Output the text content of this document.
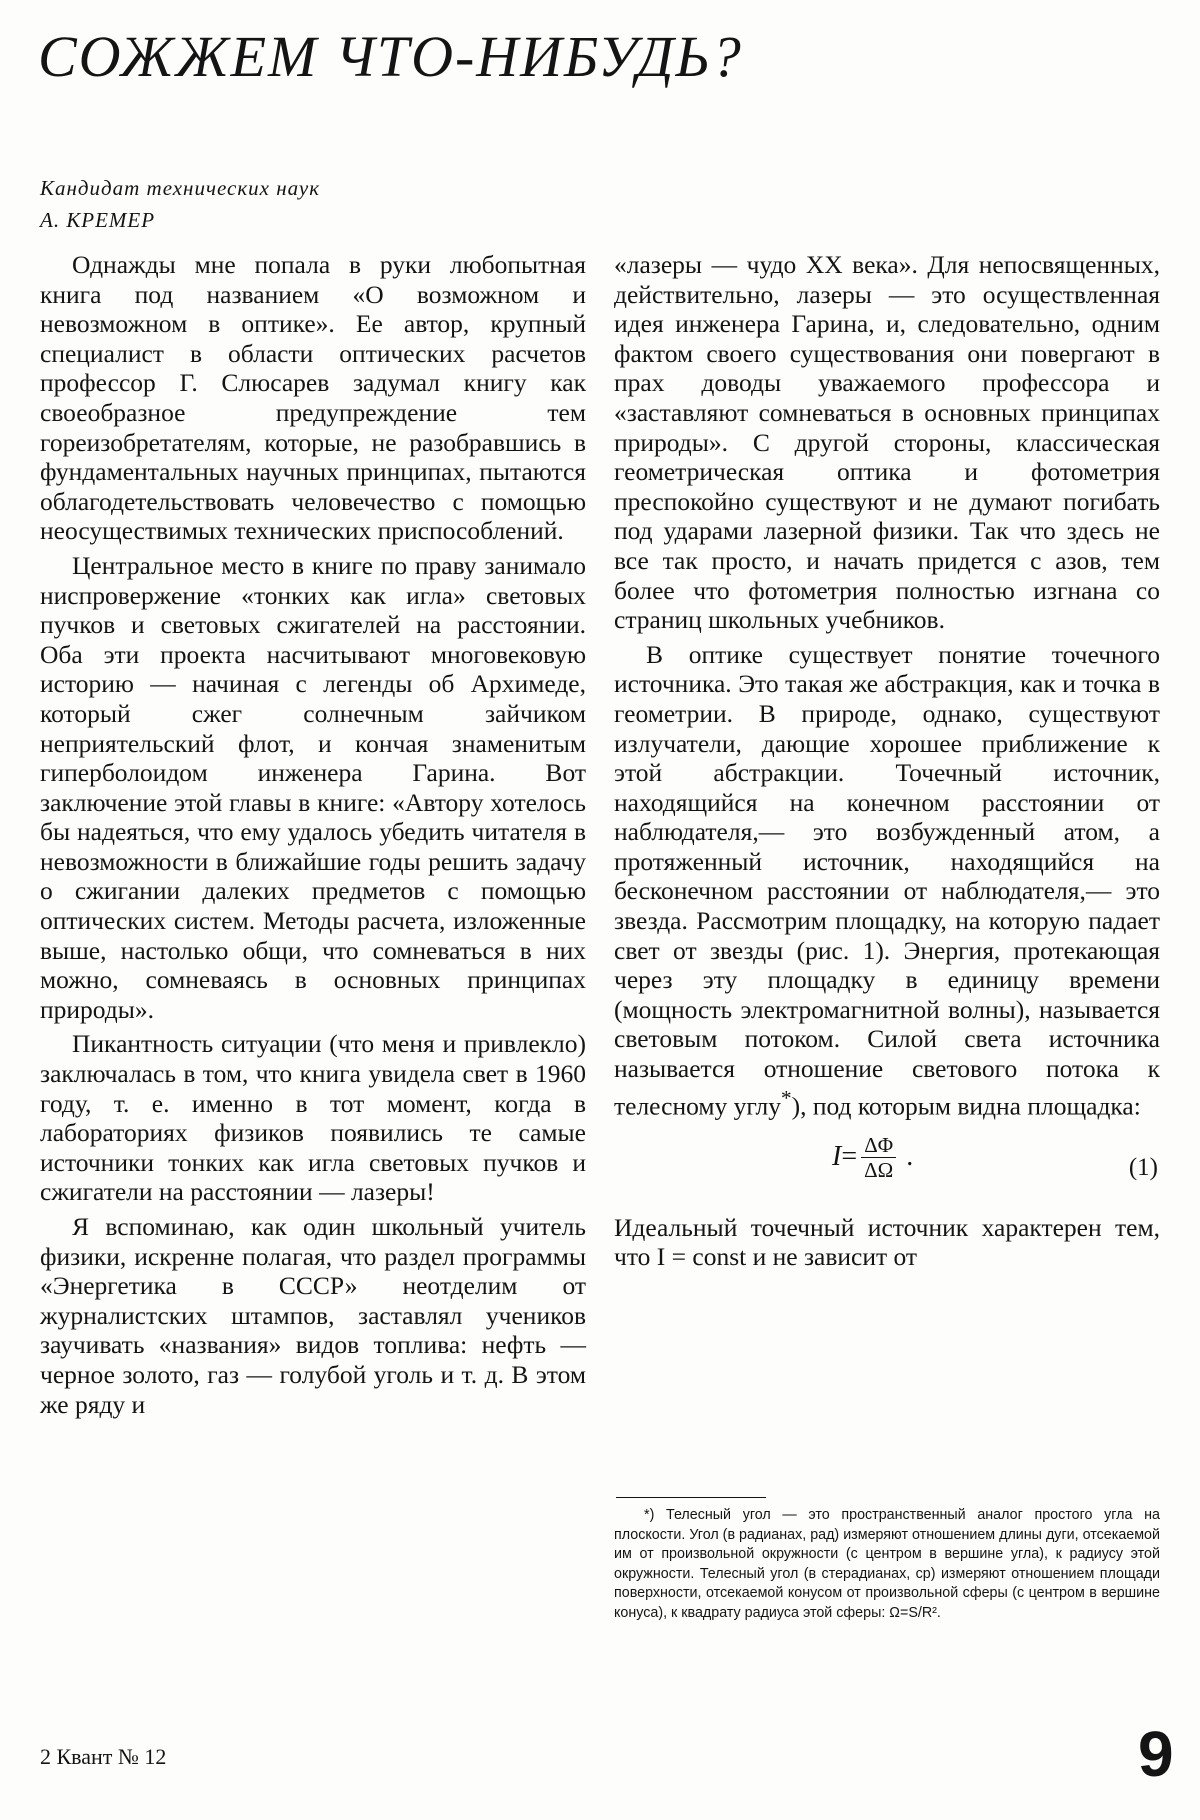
СОЖЖЕМ ЧТО-НИБУДЬ?
Кандидат технических наук
А. КРЕМЕР

Однажды мне попала в руки любопытная книга под названием «О возможном и невозможном в оптике». Ее автор, крупный специалист в области оптических расчетов профессор Г. Слюсарев задумал книгу как своеобразное предупреждение тем гореизобретателям, которые, не разобравшись в фундаментальных научных принципах, пытаются облагодетельствовать человечество с помощью неосуществимых технических приспособлений.

Центральное место в книге по праву занимало ниспровержение «тонких как игла» световых пучков и световых сжигателей на расстоянии. Оба эти проекта насчитывают многовековую историю — начиная с легенды об Архимеде, который сжег солнечным зайчиком неприятельский флот, и кончая знаменитым гиперболоидом инженера Гарина. Вот заключение этой главы в книге: «Автору хотелось бы надеяться, что ему удалось убедить читателя в невозможности в ближайшие годы решить задачу о сжигании далеких предметов с помощью оптических систем. Методы расчета, изложенные выше, настолько общи, что сомневаться в них можно, сомневаясь в основных принципах природы».

Пикантность ситуации (что меня и привлекло) заключалась в том, что книга увидела свет в 1960 году, т. е. именно в тот момент, когда в лабораториях физиков появились те самые источники тонких как игла световых пучков и сжигатели на расстоянии — лазеры!

Я вспоминаю, как один школьный учитель физики, искренне полагая, что раздел программы «Энергетика в СССР» неотделим от журналистских штампов, заставлял учеников заучивать «названия» видов топлива: нефть — черное золото, газ — голубой уголь и т. д. В этом же ряду и

«лазеры — чудо XX века». Для непосвященных, действительно, лазеры — это осуществленная идея инженера Гарина, и, следовательно, одним фактом своего существования они повергают в прах доводы уважаемого профессора и «заставляют сомневаться в основных принципах природы». С другой стороны, классическая геометрическая оптика и фотометрия преспокойно существуют и не думают погибать под ударами лазерной физики. Так что здесь не все так просто, и начать придется с азов, тем более что фотометрия полностью изгнана со страниц школьных учебников.

В оптике существует понятие точечного источника. Это такая же абстракция, как и точка в геометрии. В природе, однако, существуют излучатели, дающие хорошее приближение к этой абстракции. Точечный источник, находящийся на конечном расстоянии от наблюдателя,— это возбужденный атом, а протяженный источник, находящийся на бесконечном расстоянии от наблюдателя,— это звезда. Рассмотрим площадку, на которую падает свет от звезды (рис. 1). Энергия, протекающая через эту площадку в единицу времени (мощность электромагнитной волны), называется световым потоком. Силой света источника называется отношение светового потока к телесному углу*), под которым видна площадка:

$I = \frac{\Delta\Phi}{\Delta\Omega}$ .	(1)

Идеальный точечный источник характерен тем, что I = const и не зависит от

*) Телесный угол — это пространственный аналог простого угла на плоскости. Угол (в радианах, рад) измеряют отношением длины дуги, отсекаемой им от произвольной окружности (с центром в вершине угла), к радиусу этой окружности. Телесный угол (в стерадианах, ср) измеряют отношением площади поверхности, отсекаемой конусом от произвольной сферы (с центром в вершине конуса), к квадрату радиуса этой сферы: Ω=S/R².

2 Квант № 12	9
